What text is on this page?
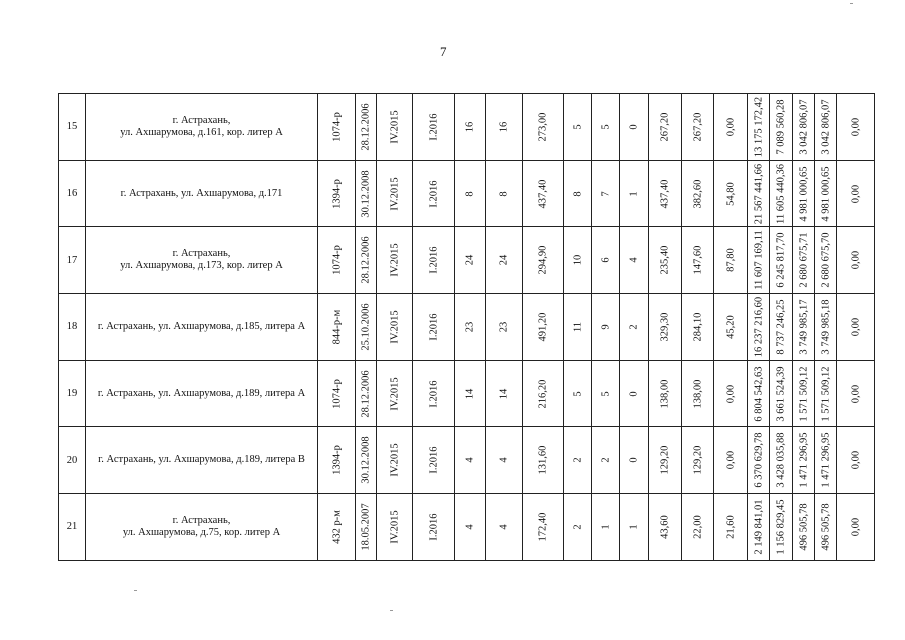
7
15	г. Астрахань,
ул. Ахшарумова, д.161, кор. литер А	1074-р	28.12.2006	IV.2015	I.2016	16	16	273,00	5	5	0	267,20	267,20	0,00	13 175 172,42	7 089 560,28	3 042 806,07	3 042 806,07	0,00

16	г. Астрахань, ул. Ахшарумова, д.171	1394-р	30.12.2008	IV.2015	I.2016	8	8	437,40	8	7	1	437,40	382,60	54,80	21 567 441,66	11 605 440,36	4 981 000,65	4 981 000,65	0,00

17	г. Астрахань,
ул. Ахшарумова, д.173, кор. литер А	1074-р	28.12.2006	IV.2015	I.2016	24	24	294,90	10	6	4	235,40	147,60	87,80	11 607 169,11	6 245 817,70	2 680 675,71	2 680 675,70	0,00

18	г. Астрахань, ул. Ахшарумова, д.185, литера А	844-р-м	25.10.2006	IV.2015	I.2016	23	23	491,20	11	9	2	329,30	284,10	45,20	16 237 216,60	8 737 246,25	3 749 985,17	3 749 985,18	0,00

19	г. Астрахань, ул. Ахшарумова, д.189, литера А	1074-р	28.12.2006	IV.2015	I.2016	14	14	216,20	5	5	0	138,00	138,00	0,00	6 804 542,63	3 661 524,39	1 571 509,12	1 571 509,12	0,00

20	г. Астрахань, ул. Ахшарумова, д.189, литера В	1394-р	30.12.2008	IV.2015	I.2016	4	4	131,60	2	2	0	129,20	129,20	0,00	6 370 629,78	3 428 035,88	1 471 296,95	1 471 296,95	0,00

21	г. Астрахань,
ул. Ахшарумова, д.75, кор. литер А	432 р-м	18.05.2007	IV.2015	I.2016	4	4	172,40	2	1	1	43,60	22,00	21,60	2 149 841,01	1 156 829,45	496 505,78	496 505,78	0,00
